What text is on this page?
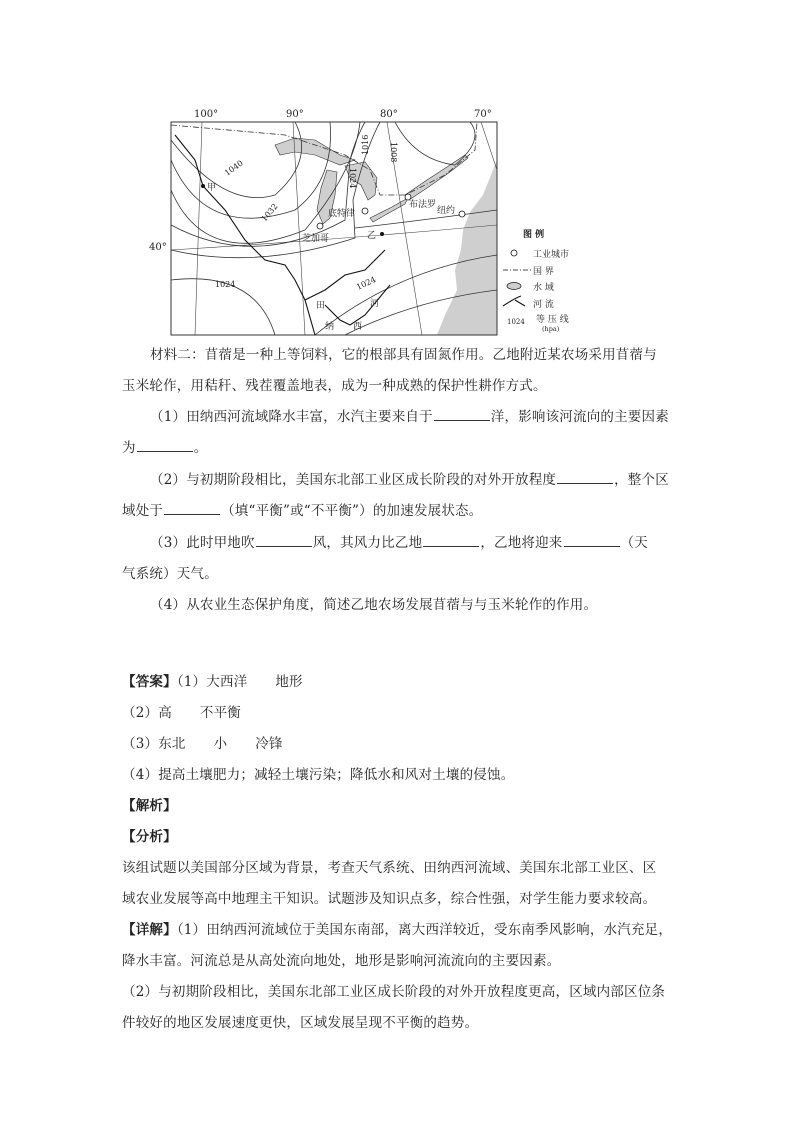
100°	90°	80°	70°
40°
1040
1032
1016 1008
1024
1024	1024
甲
乙
芝加哥
底特律
布法罗
纽约
田
纳 西
河
图 例
工业城市
国 界
水 域
河 流
1024 等 压 线
(hpa)
材料二：苜蓿是一种上等饲料，它的根部具有固氮作用。乙地附近某农场采用苜蓿与
玉米轮作，用秸秆、残茬覆盖地表，成为一种成熟的保护性耕作方式。
（1）田纳西河流域降水丰富，水汽主要来自于	洋，影响该河流向的主要因素
为	。
（2）与初期阶段相比，美国东北部工业区成长阶段的对外开放程度	，整个区
域处于	（填“平衡”或“不平衡”）的加速发展状态。
（3）此时甲地吹	风，其风力比乙地	，乙地将迎来	（天
气系统）天气。
（4）从农业生态保护角度，简述乙地农场发展苜蓿与与玉米轮作的作用。
【答案】（1）大西洋 地形
（2）高 不平衡
（3）东北 小 冷锋
（4）提高土壤肥力；减轻土壤污染；降低水和风对土壤的侵蚀。
【解析】
【分析】
该组试题以美国部分区域为背景，考查天气系统、田纳西河流域、美国东北部工业区、区
域农业发展等高中地理主干知识。试题涉及知识点多，综合性强，对学生能力要求较高。
【详解】（1）田纳西河流域位于美国东南部，离大西洋较近，受东南季风影响，水汽充足，
降水丰富。河流总是从高处流向地处，地形是影响河流流向的主要因素。
（2）与初期阶段相比，美国东北部工业区成长阶段的对外开放程度更高，区域内部区位条
件较好的地区发展速度更快，区域发展呈现不平衡的趋势。
